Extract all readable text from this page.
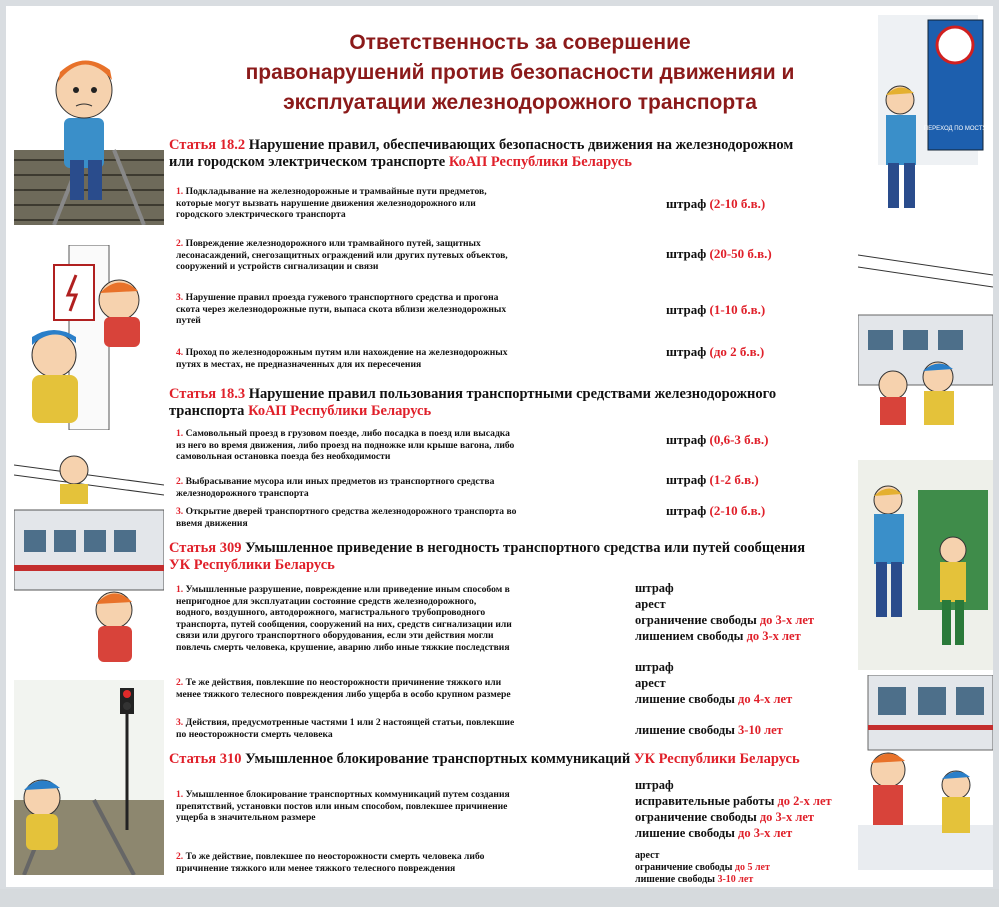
Ответственность за совершение
правонарушений против безопасности движенияи и
эксплуатации железнодорожного транспорта
ПЕРЕХОД ПО МОСТУ
Статья 18.2 Нарушение правил, обеспечивающих безопасность движения на железнодорожном
или городском электрическом транспорте КоАП Республики Беларусь
1. Подкладывание на железнодорожные и трамвайные пути предметов,
которые могут вызвать нарушение движения железнодорожного или
городского электрического транспорта
штраф (2-10 б.в.)
2. Повреждение железнодорожного или трамвайного путей, защитных
лесонасаждений, снегозащитных ограждений или других путевых объектов,
сооружений и устройств сигнализации и связи
штраф (20-50 б.в.)
3. Нарушение правил проезда гужевого транспортного средства и прогона
скота через железнодорожные пути, выпаса скота вблизи железнодорожных
путей
штраф (1-10 б.в.)
4. Проход по железнодорожным путям или нахождение на железнодорожных
путях в местах, не предназначенных для их пересечения
штраф (до 2 б.в.)
Статья 18.3 Нарушение правил пользования транспортными средствами железнодорожного
транспорта КоАП Республики Беларусь
1. Самовольный проезд в грузовом поезде, либо посадка в поезд или высадка
из него во время движения, либо проезд на подножке или крыше вагона, либо
самовольная остановка поезда без необходимости
штраф (0,6-3 б.в.)
2. Выбрасывание мусора или иных предметов из транспортного средства
железнодорожного транспорта
штраф (1-2 б.в.)
3. Открытие дверей транспортного средства железнодорожного транспорта во
ввемя движения
штраф (2-10 б.в.)
Статья 309 Умышленное приведение в негодность транспортного средства или путей сообщения
УК Республики Беларусь
1. Умышленные разрушение, повреждение или приведение иным способом в
непригодное для эксплуатации состояние средств железнодорожного,
водного, воздушного, автодорожного, магистрального трубопроводного
транспорта, путей сообщения, сооружений на них, средств сигнализации или
связи или другого транспортного оборудования, если эти действия могли
повлечь смерть человека, крушение, аварию либо иные тяжкие последствия
штраф
арест
ограничение свободы до 3-х лет
лишением свободы до 3-х лет
2. Те же действия, повлекшие по неосторожности причинение тяжкого или
менее тяжкого телесного повреждения либо ущерба в особо крупном размере
штраф
арест
лишение свободы до 4-х лет
3. Действия, предусмотренные частями 1 или 2 настоящей статьи, повлекшие
по неосторожности смерть человека	лишение свободы 3-10 лет
Статья 310 Умышленное блокирование транспортных коммуникаций УК Республики Беларусь
1. Умышленное блокирование транспортных коммуникаций путем создания
препятствий, установки постов или иным способом, повлекшее причинение
ущерба в значительном размере
штраф
исправительные работы до 2-х лет
ограничение свободы до 3-х лет
лишение свободы до 3-х лет
2. То же действие, повлекшее по неосторожности смерть человека либо
причинение тяжкого или менее тяжкого телесного повреждения
арест
ограничение свободы до 5 лет
лишение свободы 3-10 лет
